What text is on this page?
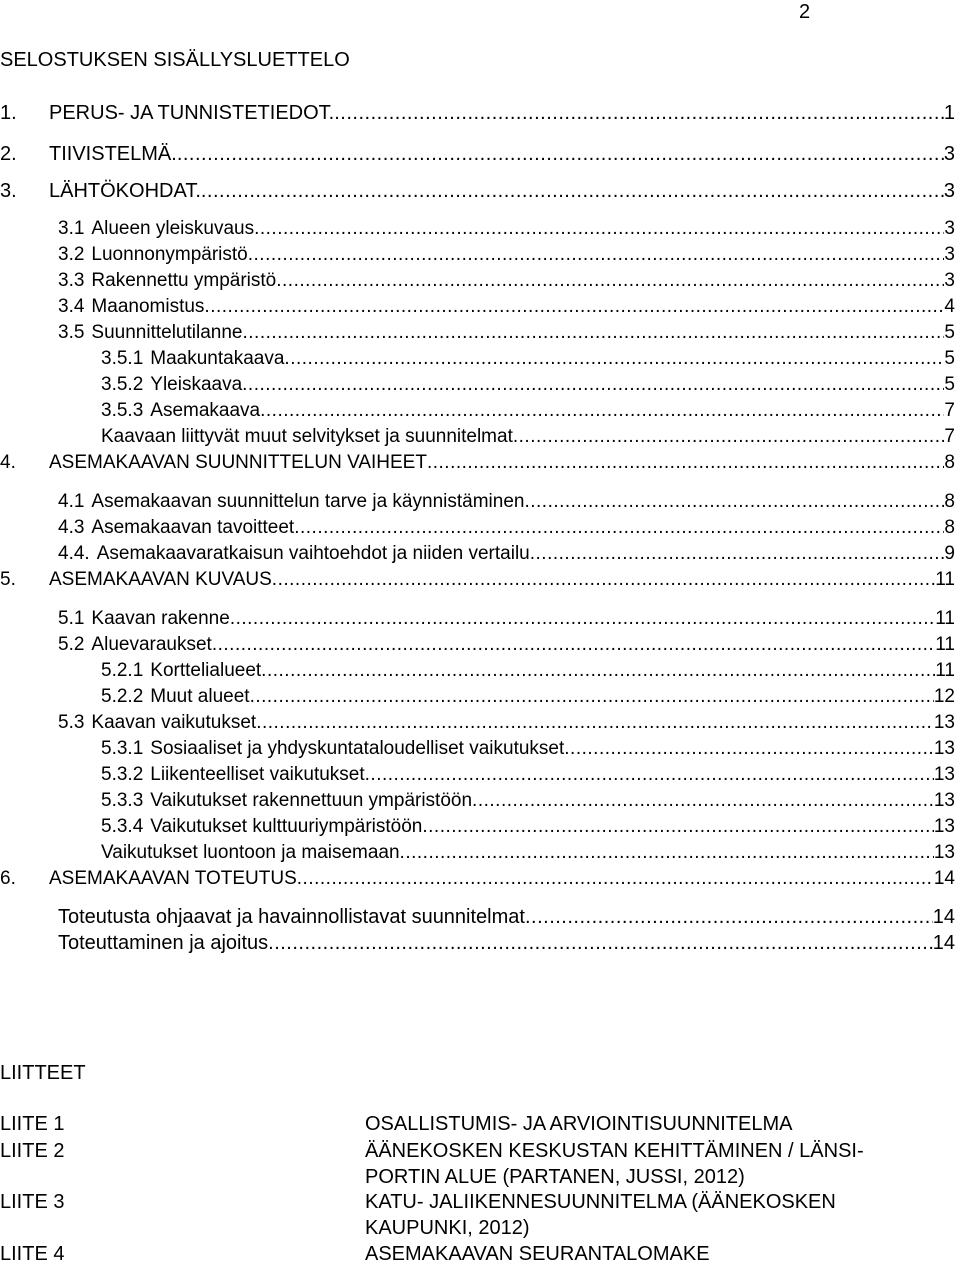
2
SELOSTUKSEN SISÄLLYSLUETTELO
1. PERUS- JA TUNNISTETIEDOT. .....	1
2. TIIVISTELMÄ. .....	3
3. LÄHTÖKOHDAT. .....	3
3.1 Alueen yleiskuvaus .....	3
3.2 Luonnonympäristö .....	3
3.3 Rakennettu ympäristö .....	3
3.4 Maanomistus .....	4
3.5 Suunnittelutilanne .....	5
3.5.1 Maakuntakaava .....	5
3.5.2 Yleiskaava .....	5
3.5.3 Asemakaava .....	7
Kaavaan liittyvät muut selvitykset ja suunnitelmat .....	7
4. ASEMAKAAVAN SUUNNITTELUN VAIHEET .....	8
4.1 Asemakaavan suunnittelun tarve ja käynnistäminen .....	8
4.3 Asemakaavan tavoitteet .....	8
4.4. Asemakaavaratkaisun vaihtoehdot ja niiden vertailu .....	9
5. ASEMAKAAVAN KUVAUS .....	11
5.1 Kaavan rakenne .....	11
5.2 Aluevaraukset .....	11
5.2.1 Korttelialueet .....	11
5.2.2 Muut alueet .....	12
5.3 Kaavan vaikutukset .....	13
5.3.1 Sosiaaliset ja yhdyskuntataloudelliset vaikutukset .....	13
5.3.2 Liikenteelliset vaikutukset .....	13
5.3.3 Vaikutukset rakennettuun ympäristöön .....	13
5.3.4 Vaikutukset kulttuuriympäristöön .....	13
Vaikutukset luontoon ja maisemaan .....	13
6. ASEMAKAAVAN TOTEUTUS .....	14
Toteutusta ohjaavat ja havainnollistavat suunnitelmat .....	14
Toteuttaminen ja ajoitus .....	14
LIITTEET
LIITE 1	OSALLISTUMIS- JA ARVIOINTISUUNNITELMA
LIITE 2	ÄÄNEKOSKEN KESKUSTAN KEHITTÄMINEN / LÄNSI-
PORTIN ALUE (PARTANEN, JUSSI, 2012)
LIITE 3	KATU- JALIIKENNESUUNNITELMA (ÄÄNEKOSKEN
KAUPUNKI, 2012)
LIITE 4	ASEMAKAAVAN SEURANTALOMAKE
